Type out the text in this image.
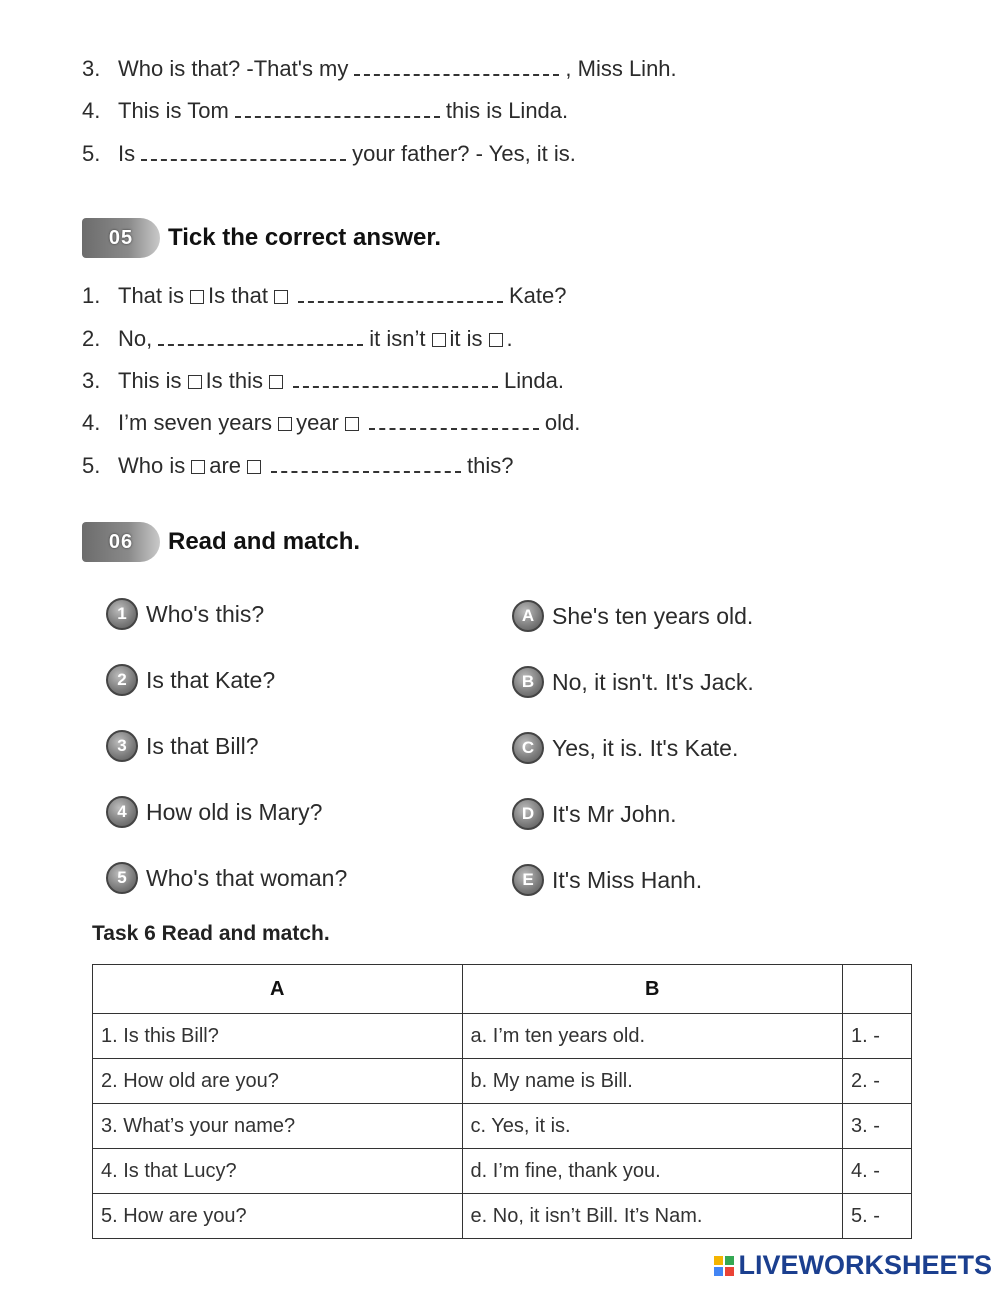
3. Who is that? -That's my	, Miss Linh.
4. This is Tom	this is Linda.
5. Is	your father? - Yes, it is.
05	Tick the correct answer.
1. That is Is that	Kate?
2. No,	it isn’t it is .
3. This is Is this	Linda.
4. I’m seven years year	old.
5. Who is are	this?
06	Read and match.
1 Who's this?
2 Is that Kate?
3 Is that Bill?
4 How old is Mary?
5 Who's that woman?
A She's ten years old.
B No, it isn't. It's Jack.
C Yes, it is. It's Kate.
D It's Mr John.
E It's Miss Hanh.
Task 6 Read and match.
A	B	
1. Is this Bill?	a. I’m ten years old.	1. -
2. How old are you?	b. My name is Bill.	2. -
3. What’s your name?	c. Yes, it is.	3. -
4. Is that Lucy?	d. I’m fine, thank you.	4. -
5. How are you?	e. No, it isn’t Bill. It’s Nam.	5. -
LIVEWORKSHEETS
